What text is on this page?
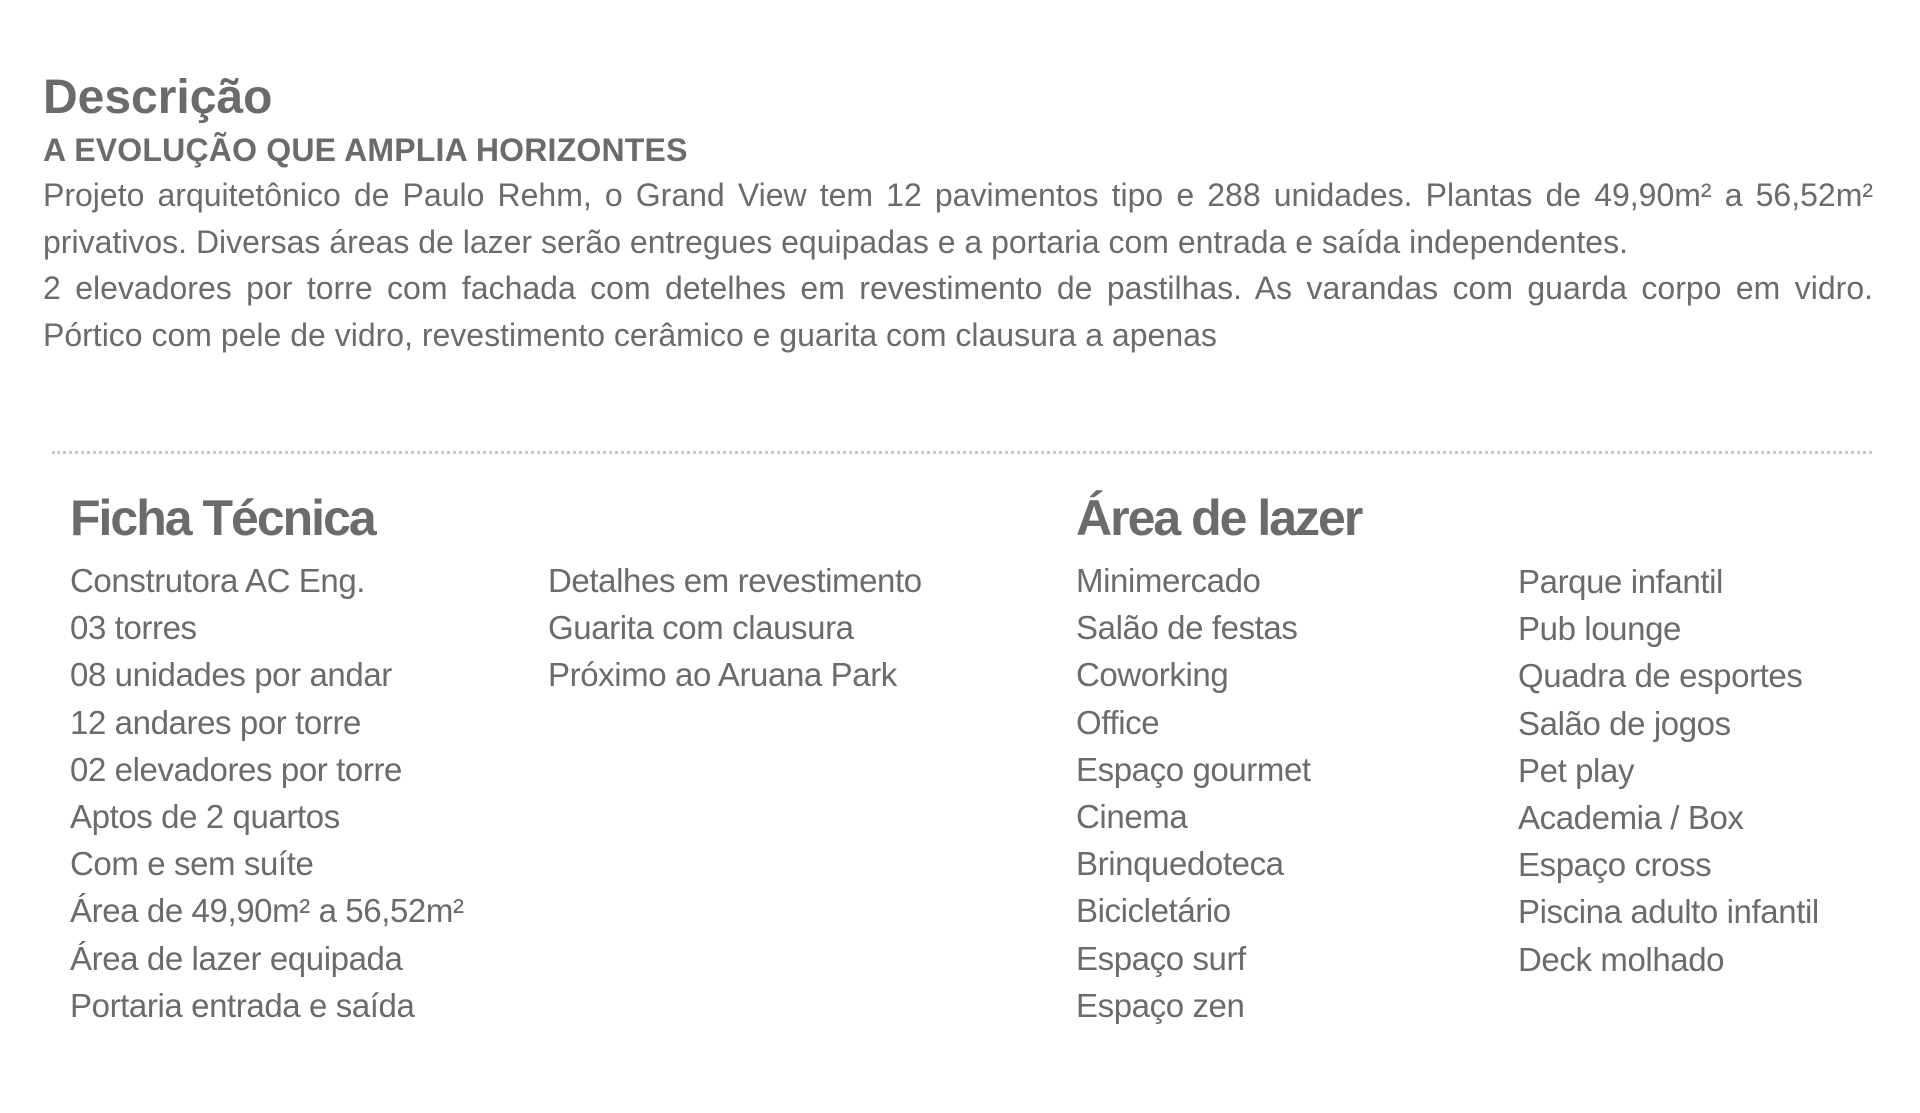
Descrição
A EVOLUÇÃO QUE AMPLIA HORIZONTES

Projeto arquitetônico de Paulo Rehm, o Grand View tem 12 pavimentos tipo e 288 unidades. Plantas de 49,90m² a 56,52m² privativos. Diversas áreas de lazer serão entregues equipadas e a portaria com entrada e saída independentes.

2 elevadores por torre com fachada com detelhes em revestimento de pastilhas. As varandas com guarda corpo em vidro. Pórtico com pele de vidro, revestimento cerâmico e guarita com clausura a apenas

Ficha Técnica
Construtora AC Eng.
03 torres
08 unidades por andar
12 andares por torre
02 elevadores por torre
Aptos de 2 quartos
Com e sem suíte
Área de 49,90m² a 56,52m²
Área de lazer equipada
Portaria entrada e saída
Detalhes em revestimento
Guarita com clausura
Próximo ao Aruana Park
Área de lazer
Minimercado
Salão de festas
Coworking
Office
Espaço gourmet
Cinema
Brinquedoteca
Bicicletário
Espaço surf
Espaço zen
Parque infantil
Pub lounge
Quadra de esportes
Salão de jogos
Pet play
Academia / Box
Espaço cross
Piscina adulto infantil
Deck molhado
